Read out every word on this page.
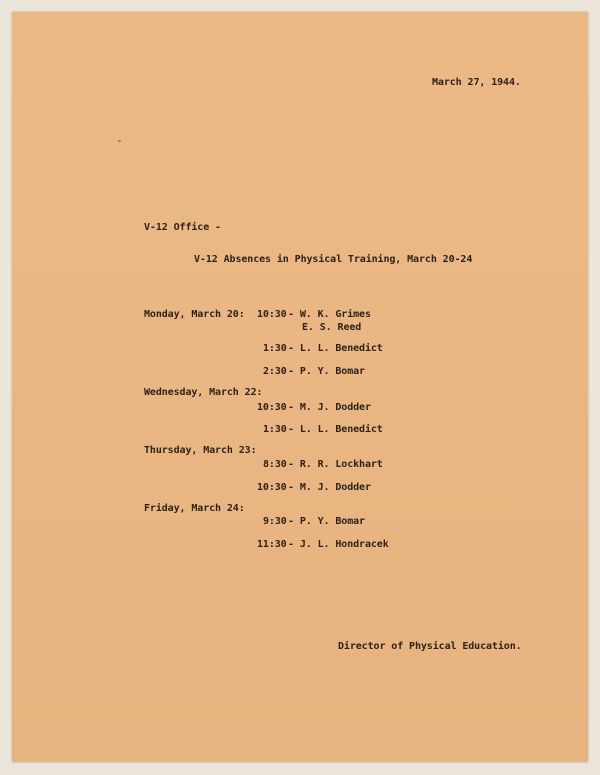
March 27, 1944.
V-12 Office -
V-12 Absences in Physical Training, March 20-24
Monday, March 20: 10:30 - W. K. Grimes
E. S. Reed
1:30 - L. L. Benedict
2:30 - P. Y. Bomar
Wednesday, March 22:
10:30 - M. J. Dodder
1:30 - L. L. Benedict
Thursday, March 23:
8:30 - R. R. Lockhart
10:30 - M. J. Dodder
Friday, March 24:
9:30 - P. Y. Bomar
11:30 - J. L. Hondracek
Director of Physical Education.
